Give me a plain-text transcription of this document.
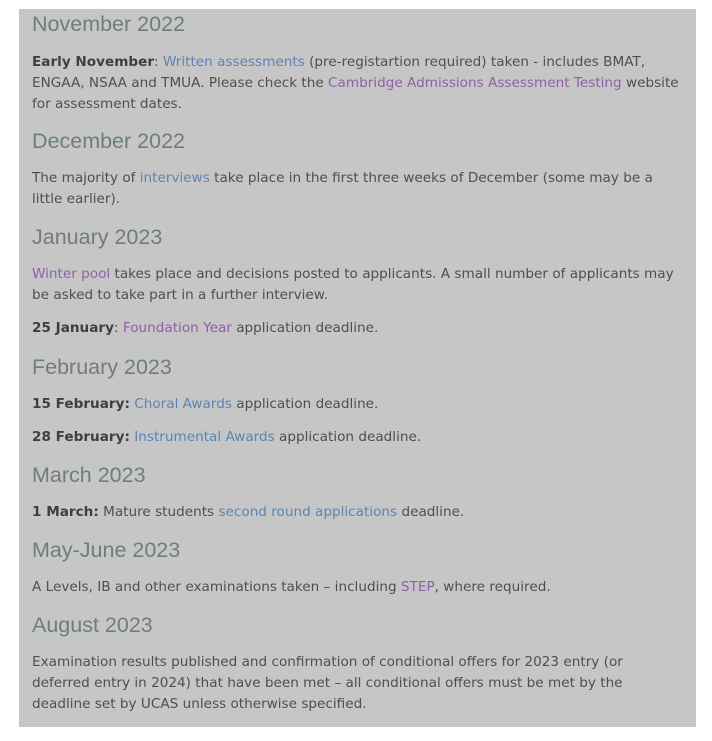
November 2022

Early November: Written assessments (pre-registartion required) taken - includes BMAT, ENGAA, NSAA and TMUA. Please check the Cambridge Admissions Assessment Testing website for assessment dates.

December 2022

The majority of interviews take place in the first three weeks of December (some may be a little earlier).

January 2023

Winter pool takes place and decisions posted to applicants. A small number of applicants may be asked to take part in a further interview.

25 January: Foundation Year application deadline.

February 2023

15 February: Choral Awards application deadline.

28 February: Instrumental Awards application deadline.

March 2023

1 March: Mature students second round applications deadline.

May-June 2023

A Levels, IB and other examinations taken – including STEP, where required.

August 2023

Examination results published and confirmation of conditional offers for 2023 entry (or deferred entry in 2024) that have been met – all conditional offers must be met by the deadline set by UCAS unless otherwise specified.
